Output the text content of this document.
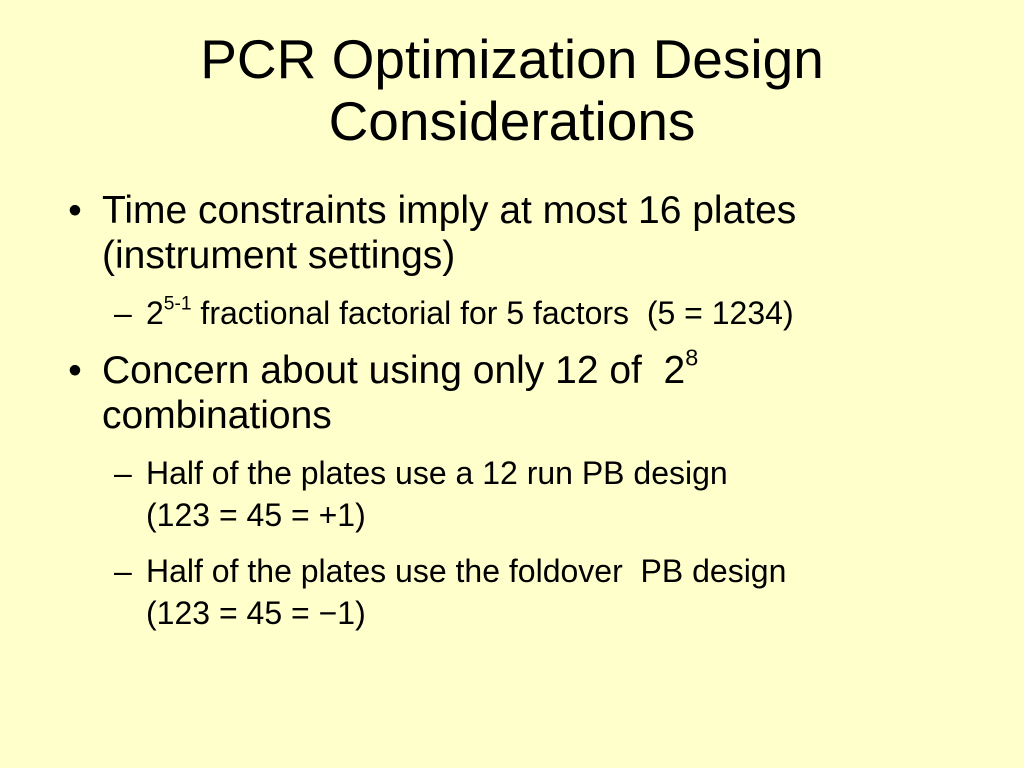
PCR Optimization Design
Considerations
• Time constraints imply at most 16 plates
(instrument settings)
– 2$^{5-1}$ fractional factorial for 5 factors  (5 = 1234)
• Concern about using only 12 of  $2^8$
combinations
– Half of the plates use a 12 run PB design
(123 = 45 = +1)
– Half of the plates use the foldover  PB design
(123 = 45 = −1)
